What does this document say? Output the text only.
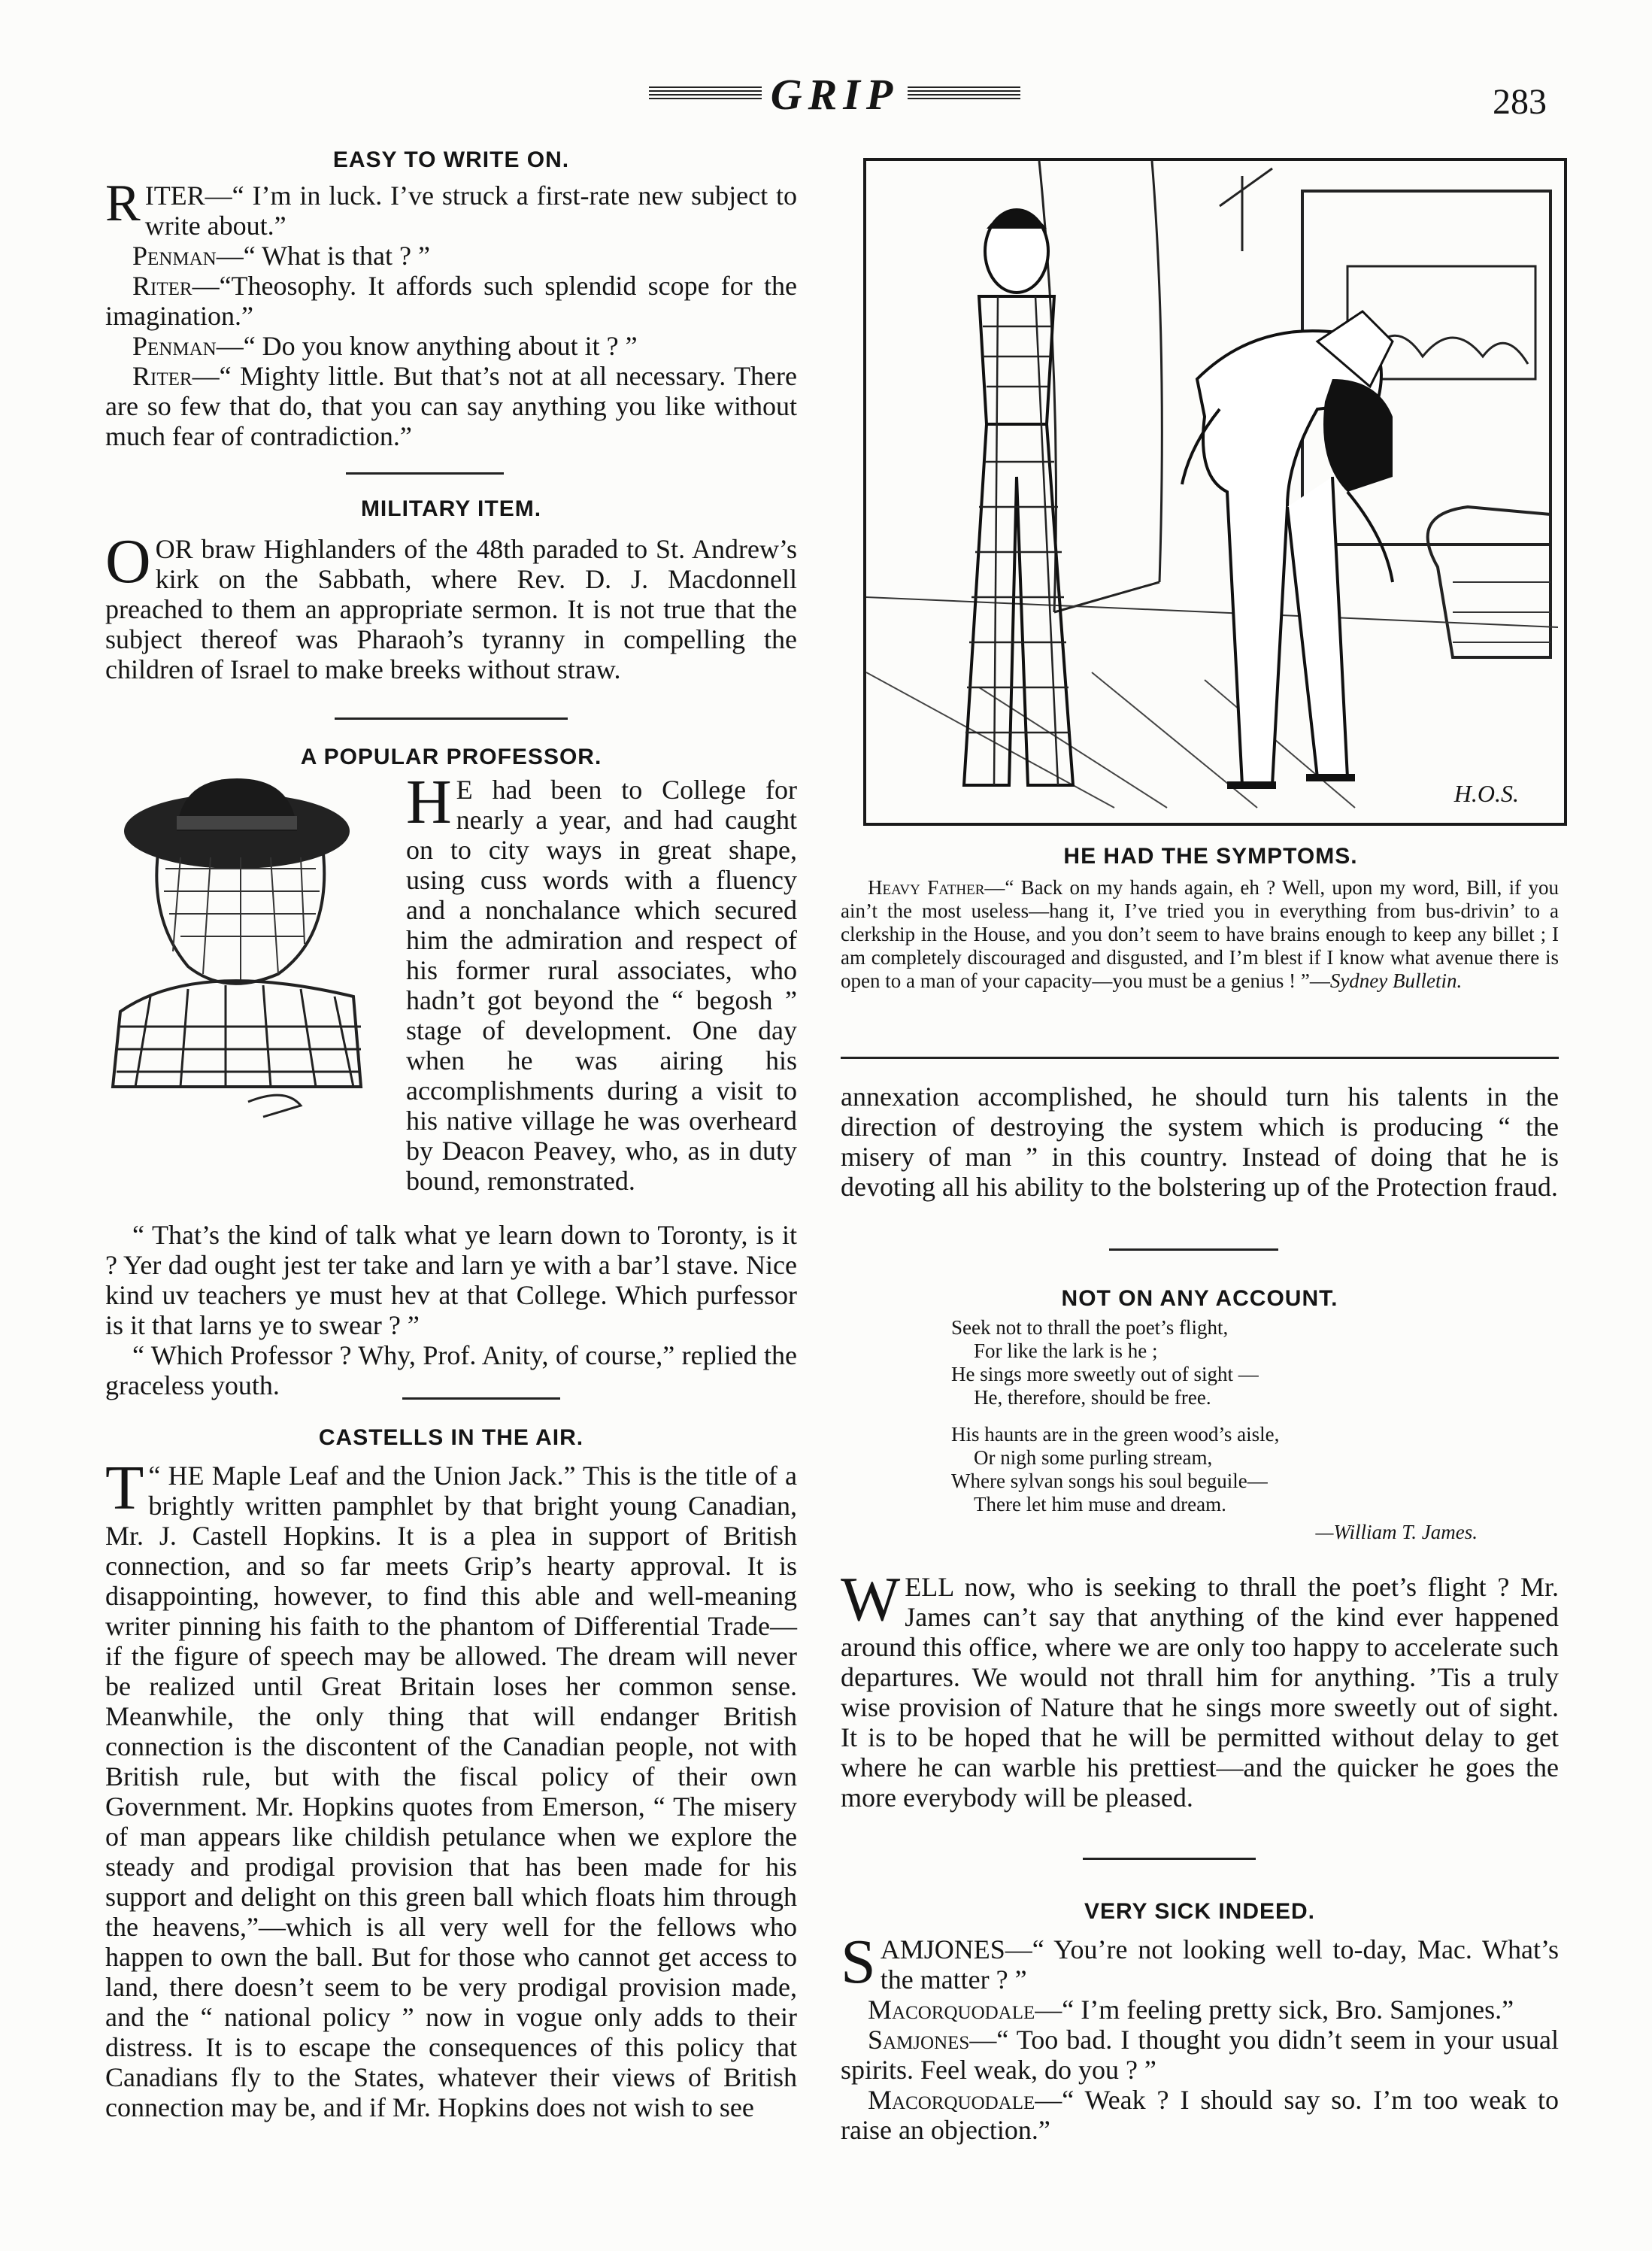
GRIP	283
EASY TO WRITE ON.

RITER—“ I’m in luck. I’ve struck a first-rate new subject to write about.”

Penman—“ What is that ? ”

Riter—“Theosophy. It affords such splendid scope for the imagination.”

Penman—“ Do you know anything about it ? ”

Riter—“ Mighty little. But that’s not at all necessary. There are so few that do, that you can say anything you like without much fear of contradiction.”

MILITARY ITEM.

OOR braw Highlanders of the 48th paraded to St. Andrew’s kirk on the Sabbath, where Rev. D. J. Macdonnell preached to them an appropriate sermon. It is not true that the subject thereof was Pharaoh’s tyranny in compelling the children of Israel to make breeks without straw.

A POPULAR PROFESSOR.

H E had been to College for nearly a year, and had caught on to city ways in great shape, using cuss words with a fluency and a nonchalance which secured him the admiration and respect of his former rural associates, who hadn’t got beyond the “ begosh ” stage of development. One day when he was airing his accomplishments during a visit to his native village he was overheard by Deacon Peavey, who, as in duty bound, remonstrated.

“ That’s the kind of talk what ye learn down to Toronty, is it ? Yer dad ought jest ter take and larn ye with a bar’l stave. Nice kind uv teachers ye must hev at that College. Which purfessor is it that larns ye to swear ? ”

“ Which Professor ? Why, Prof. Anity, of course,” replied the graceless youth.

CASTELLS IN THE AIR.

“
T HE Maple Leaf and the Union Jack.” This is the title of a brightly written pamphlet by that bright young Canadian, Mr. J. Castell Hopkins. It is a plea in support of British connection, and so far meets Grip’s hearty approval. It is disappointing, however, to find this able and well-meaning writer pinning his faith to the phantom of Differential Trade—if the figure of speech may be allowed. The dream will never be realized until Great Britain loses her common sense. Meanwhile, the only thing that will endanger British connection is the discontent of the Canadian people, not with British rule, but with the fiscal policy of their own Government. Mr. Hopkins quotes from Emerson, “ The misery of man appears like childish petulance when we explore the steady and prodigal provision that has been made for his support and delight on this green ball which floats him through the heavens,”—which is all very well for the fellows who happen to own the ball. But for those who cannot get access to land, there doesn’t seem to be very prodigal provision made, and the “ national policy ” now in vogue only adds to their distress. It is to escape the consequences of this policy that Canadians fly to the States, whatever their views of British connection may be, and if Mr. Hopkins does not wish to see

H.O.S.
HE HAD THE SYMPTOMS.

Heavy Father—“ Back on my hands again, eh ? Well, upon my word, Bill, if you ain’t the most useless—hang it, I’ve tried you in everything from bus-drivin’ to a clerkship in the House, and you don’t seem to have brains enough to keep any billet ; I am completely discouraged and disgusted, and I’m blest if I know what avenue there is open to a man of your capacity—you must be a genius ! ”—Sydney Bulletin.

annexation accomplished, he should turn his talents in the direction of destroying the system which is producing “ the misery of man ” in this country. Instead of doing that he is devoting all his ability to the bolstering up of the Protection fraud.

NOT ON ANY ACCOUNT.

Seek not to thrall the poet’s flight,

For like the lark is he ;

He sings more sweetly out of sight —

He, therefore, should be free.

His haunts are in the green wood’s aisle,

Or nigh some purling stream,

Where sylvan songs his soul beguile—

There let him muse and dream.

—William T. James.

WELL now, who is seeking to thrall the poet’s flight ? Mr. James can’t say that anything of the kind ever happened around this office, where we are only too happy to accelerate such departures. We would not thrall him for anything. ’Tis a truly wise provision of Nature that he sings more sweetly out of sight. It is to be hoped that he will be permitted without delay to get where he can warble his prettiest—and the quicker he goes the more everybody will be pleased.

VERY SICK INDEED.

SAMJONES—“ You’re not looking well to-day, Mac. What’s the matter ? ”

Macorquodale—“ I’m feeling pretty sick, Bro. Samjones.”

Samjones—“ Too bad. I thought you didn’t seem in your usual spirits. Feel weak, do you ? ”

Macorquodale—“ Weak ? I should say so. I’m too weak to raise an objection.”
